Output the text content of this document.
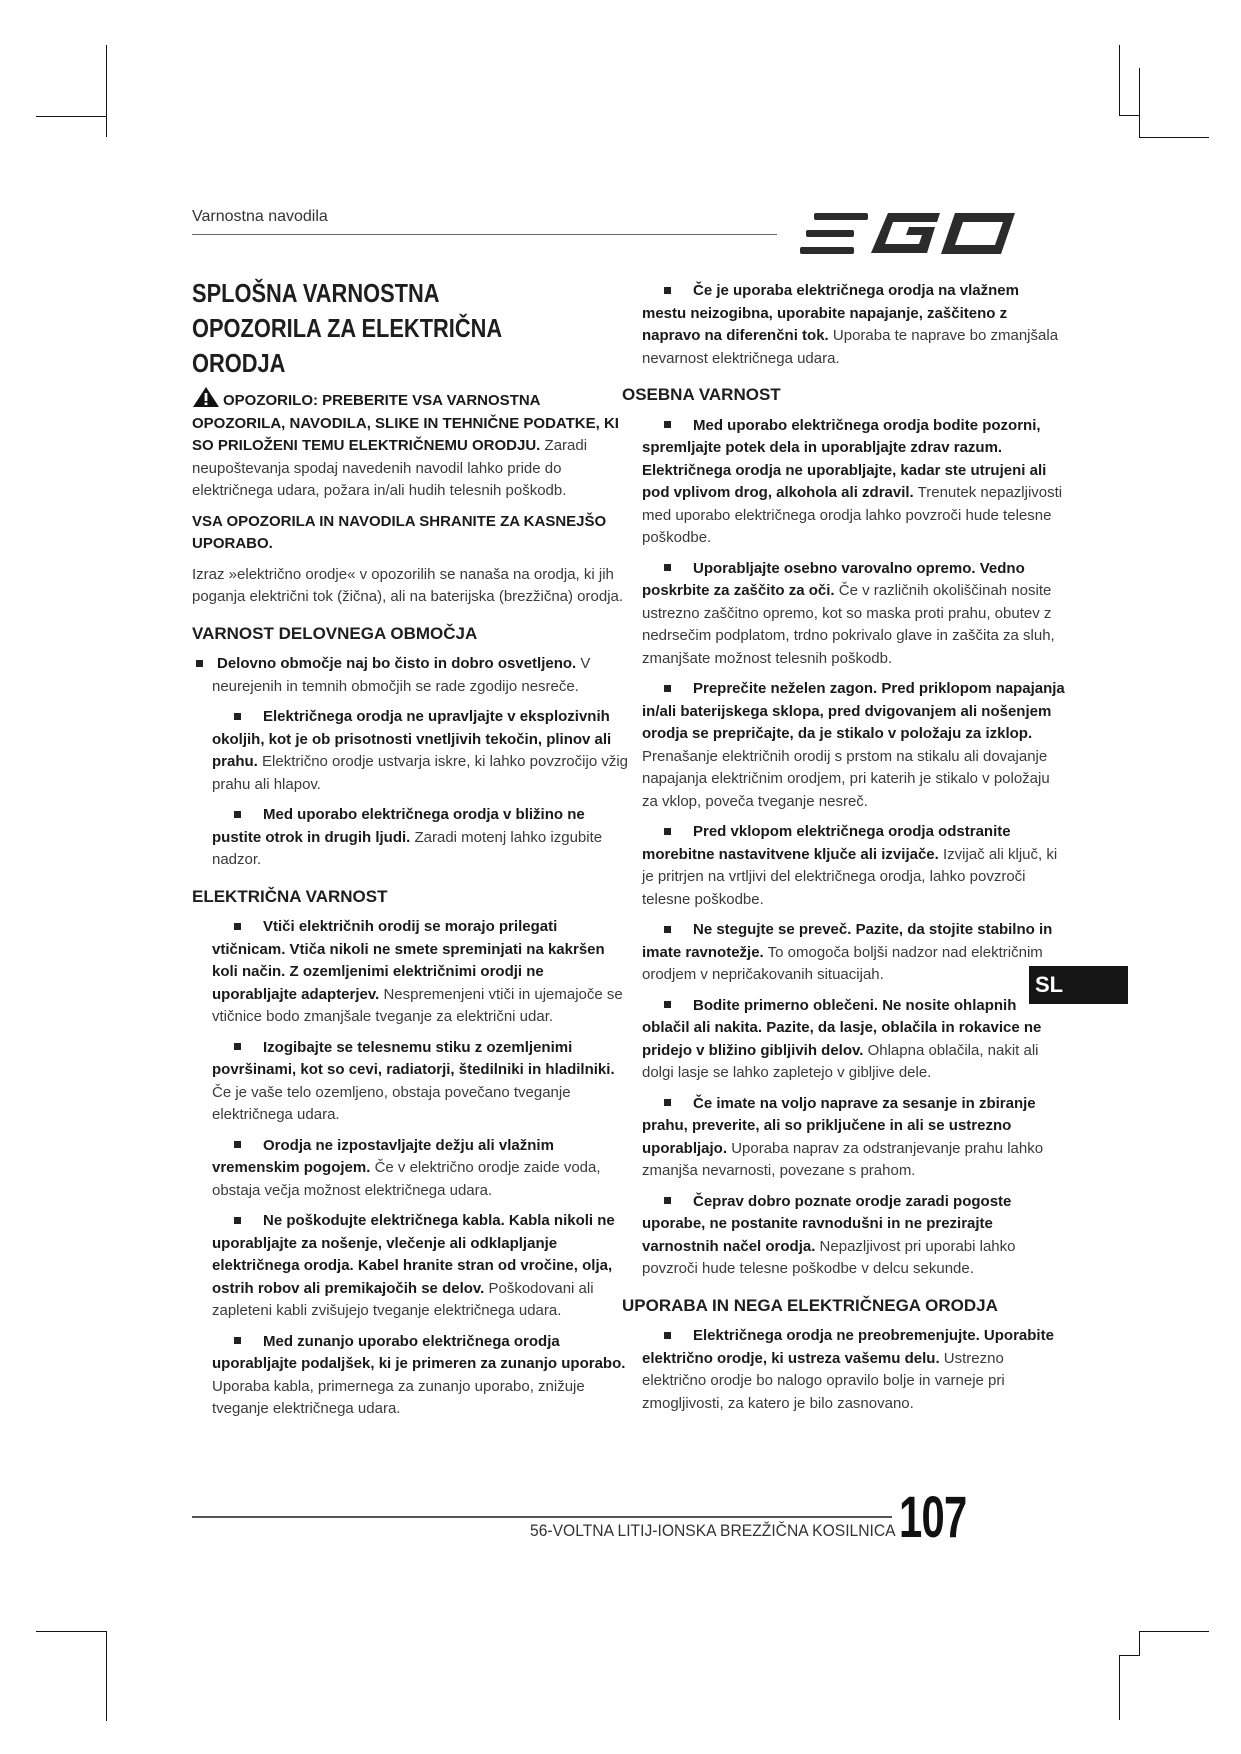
Varnostna navodila
SPLOŠNA VARNOSTNA OPOZORILA ZA ELEKTRIČNA ORODJA

OPOZORILO: PREBERITE VSA VARNOSTNA OPOZORILA, NAVODILA, SLIKE IN TEHNIČNE PODATKE, KI SO PRILOŽENI TEMU ELEKTRIČNEMU ORODJU. Zaradi neupoštevanja spodaj navedenih navodil lahko pride do električnega udara, požara in/ali hudih telesnih poškodb.

VSA OPOZORILA IN NAVODILA SHRANITE ZA KASNEJŠO UPORABO.

Izraz »električno orodje« v opozorilih se nanaša na orodja, ki jih poganja električni tok (žična), ali na baterijska (brezžična) orodja.

VARNOST DELOVNEGA OBMOČJA

Delovno območje naj bo čisto in dobro osvetljeno. V neurejenih in temnih območjih se rade zgodijo nesreče.

Električnega orodja ne upravljajte v eksplozivnih okoljih, kot je ob prisotnosti vnetljivih tekočin, plinov ali prahu. Električno orodje ustvarja iskre, ki lahko povzročijo vžig prahu ali hlapov.

Med uporabo električnega orodja v bližino ne pustite otrok in drugih ljudi. Zaradi motenj lahko izgubite nadzor.

ELEKTRIČNA VARNOST

Vtiči električnih orodij se morajo prilegati vtičnicam. Vtiča nikoli ne smete spreminjati na kakršen koli način. Z ozemljenimi električnimi orodji ne uporabljajte adapterjev. Nespremenjeni vtiči in ujemajoče se vtičnice bodo zmanjšale tveganje za električni udar.

Izogibajte se telesnemu stiku z ozemljenimi površinami, kot so cevi, radiatorji, štedilniki in hladilniki. Če je vaše telo ozemljeno, obstaja povečano tveganje električnega udara.

Orodja ne izpostavljajte dežju ali vlažnim vremenskim pogojem. Če v električno orodje zaide voda, obstaja večja možnost električnega udara.

Ne poškodujte električnega kabla. Kabla nikoli ne uporabljajte za nošenje, vlečenje ali odklapljanje električnega orodja. Kabel hranite stran od vročine, olja, ostrih robov ali premikajočih se delov. Poškodovani ali zapleteni kabli zvišujejo tveganje električnega udara.

Med zunanjo uporabo električnega orodja uporabljajte podaljšek, ki je primeren za zunanjo uporabo. Uporaba kabla, primernega za zunanjo uporabo, znižuje tveganje električnega udara.

Če je uporaba električnega orodja na vlažnem mestu neizogibna, uporabite napajanje, zaščiteno z napravo na diferenčni tok. Uporaba te naprave bo zmanjšala nevarnost električnega udara.

OSEBNA VARNOST

Med uporabo električnega orodja bodite pozorni, spremljajte potek dela in uporabljajte zdrav razum. Električnega orodja ne uporabljajte, kadar ste utrujeni ali pod vplivom drog, alkohola ali zdravil. Trenutek nepazljivosti med uporabo električnega orodja lahko povzroči hude telesne poškodbe.

Uporabljajte osebno varovalno opremo. Vedno poskrbite za zaščito za oči. Če v različnih okoliščinah nosite ustrezno zaščitno opremo, kot so maska proti prahu, obutev z nedrsečim podplatom, trdno pokrivalo glave in zaščita za sluh, zmanjšate možnost telesnih poškodb.

Preprečite neželen zagon. Pred priklopom napajanja in/ali baterijskega sklopa, pred dvigovanjem ali nošenjem orodja se prepričajte, da je stikalo v položaju za izklop. Prenašanje električnih orodij s prstom na stikalu ali dovajanje napajanja električnim orodjem, pri katerih je stikalo v položaju za vklop, poveča tveganje nesreč.

Pred vklopom električnega orodja odstranite morebitne nastavitvene ključe ali izvijače. Izvijač ali ključ, ki je pritrjen na vrtljivi del električnega orodja, lahko povzroči telesne poškodbe.

Ne stegujte se preveč. Pazite, da stojite stabilno in imate ravnotežje. To omogoča boljši nadzor nad električnim orodjem v nepričakovanih situacijah.

Bodite primerno oblečeni. Ne nosite ohlapnih oblačil ali nakita. Pazite, da lasje, oblačila in rokavice ne pridejo v bližino gibljivih delov. Ohlapna oblačila, nakit ali dolgi lasje se lahko zapletejo v gibljive dele.

Če imate na voljo naprave za sesanje in zbiranje prahu, preverite, ali so priključene in ali se ustrezno uporabljajo. Uporaba naprav za odstranjevanje prahu lahko zmanjša nevarnosti, povezane s prahom.

Čeprav dobro poznate orodje zaradi pogoste uporabe, ne postanite ravnodušni in ne prezirajte varnostnih načel orodja. Nepazljivost pri uporabi lahko povzroči hude telesne poškodbe v delcu sekunde.

UPORABA IN NEGA ELEKTRIČNEGA ORODJA

Električnega orodja ne preobremenjujte. Uporabite električno orodje, ki ustreza vašemu delu. Ustrezno električno orodje bo nalogo opravilo bolje in varneje pri zmogljivosti, za katero je bilo zasnovano.

SL
56-VOLTNA LITIJ-IONSKA BREZŽIČNA KOSILNICA 107
